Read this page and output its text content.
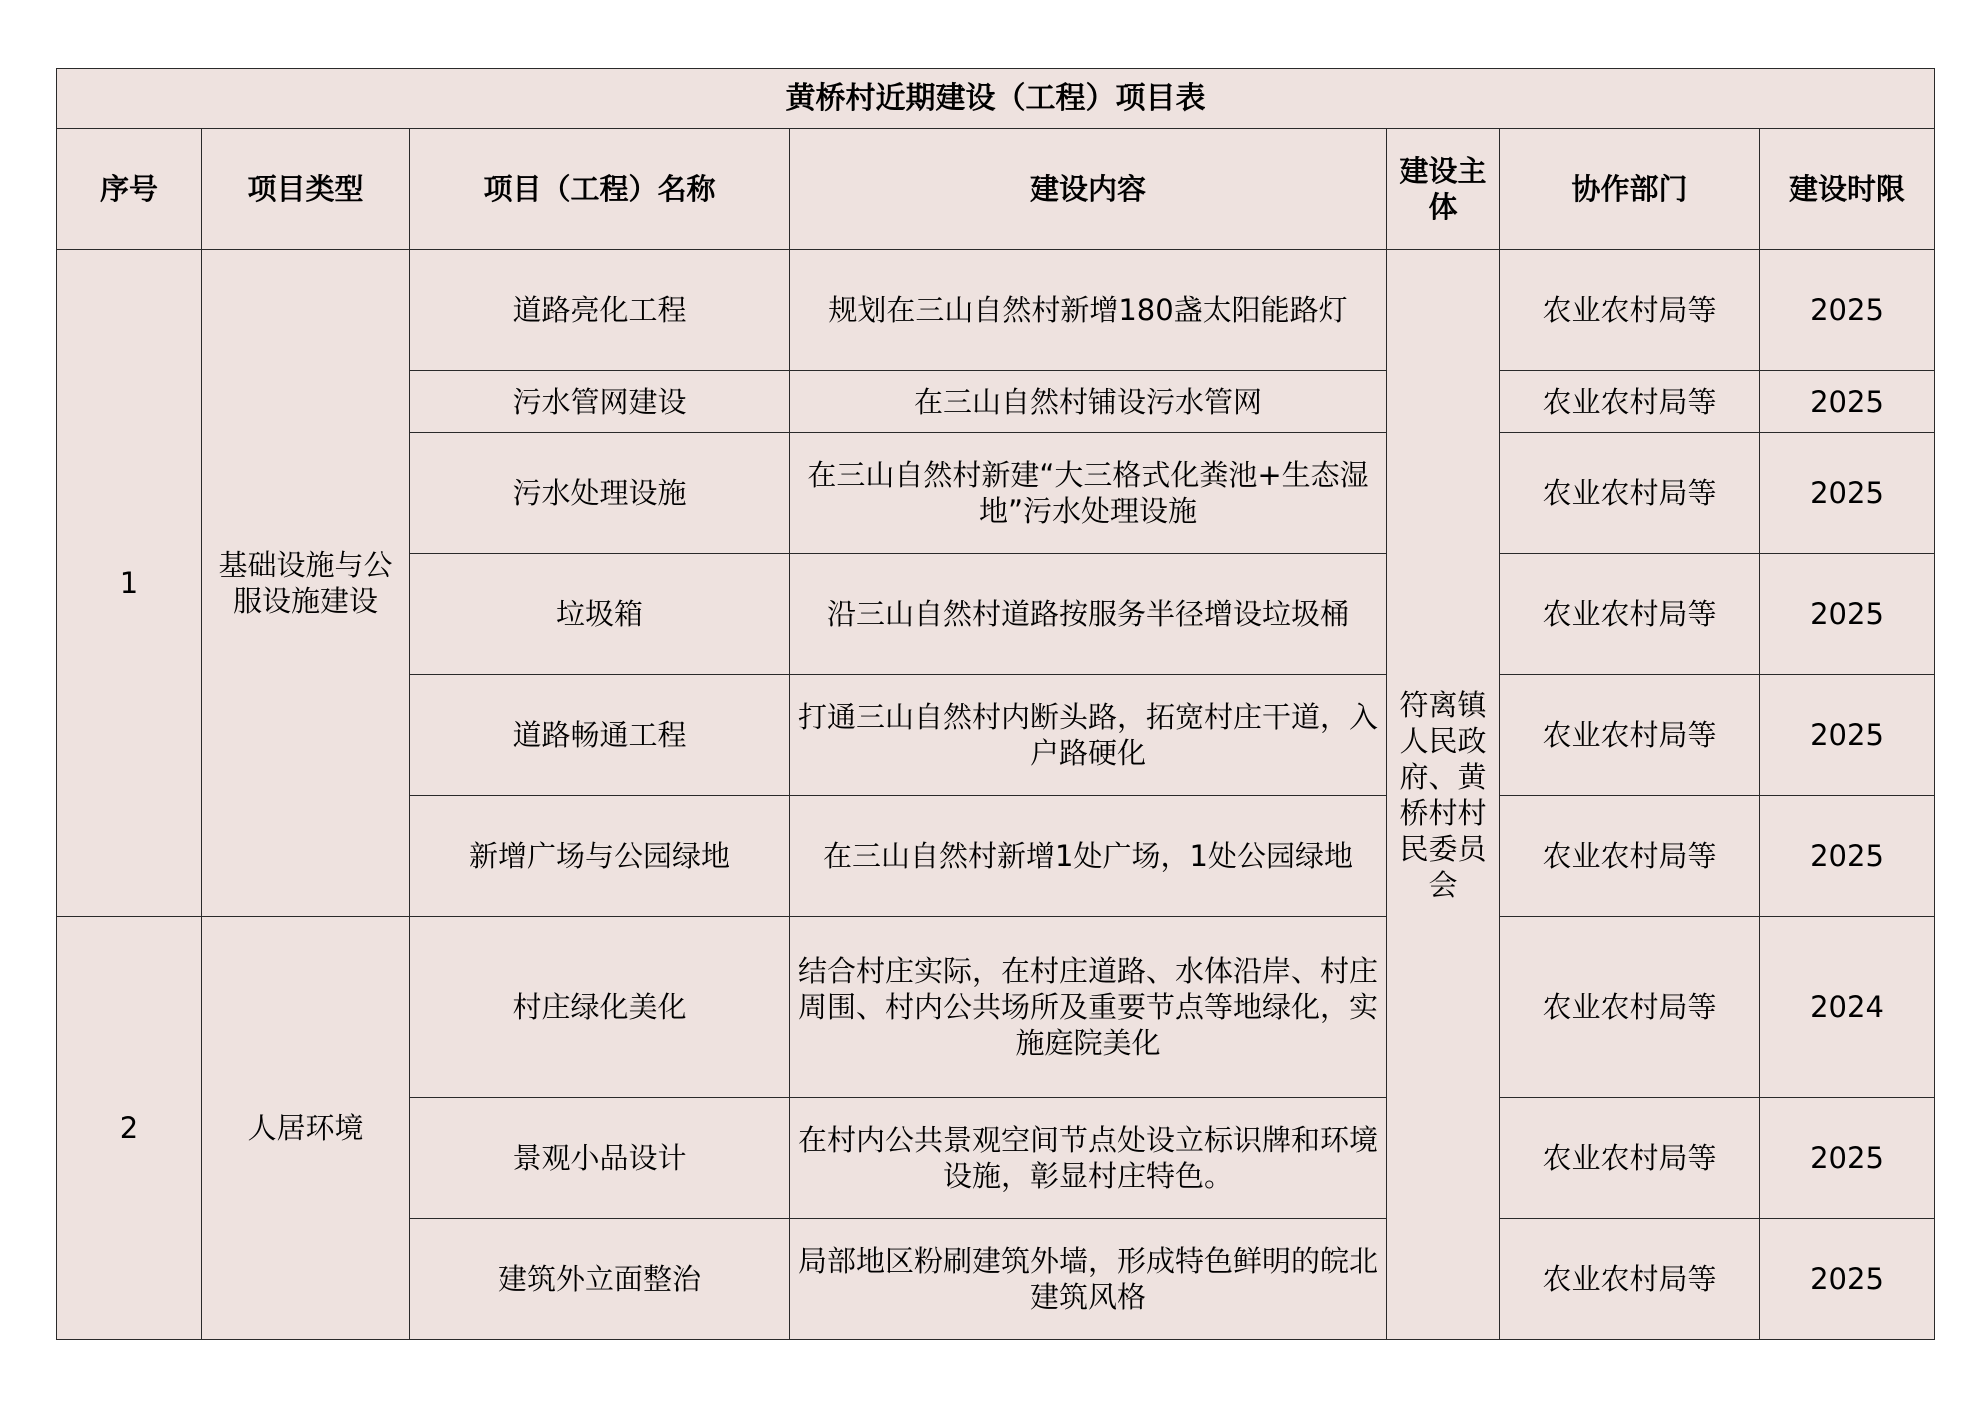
黄桥村近期建设（工程）项目表						
序号	项目类型	项目（工程）名称	建设内容	建设主体	协作部门	建设时限
1	基础设施与公服设施建设	道路亮化工程	规划在三山自然村新增180盏太阳能路灯	符离镇人民政府、黄桥村村民委员会	农业农村局等	2025
		污水管网建设	在三山自然村铺设污水管网		农业农村局等	2025
		污水处理设施	在三山自然村新建“大三格式化粪池+生态湿地”污水处理设施		农业农村局等	2025
		垃圾箱	沿三山自然村道路按服务半径增设垃圾桶		农业农村局等	2025
		道路畅通工程	打通三山自然村内断头路，拓宽村庄干道，入户路硬化		农业农村局等	2025
		新增广场与公园绿地	在三山自然村新增1处广场，1处公园绿地		农业农村局等	2025
2	人居环境	村庄绿化美化	结合村庄实际，在村庄道路、水体沿岸、村庄周围、村内公共场所及重要节点等地绿化，实施庭院美化		农业农村局等	2024
		景观小品设计	在村内公共景观空间节点处设立标识牌和环境设施，彰显村庄特色。		农业农村局等	2025
		建筑外立面整治	局部地区粉刷建筑外墙，形成特色鲜明的皖北建筑风格		农业农村局等	2025
